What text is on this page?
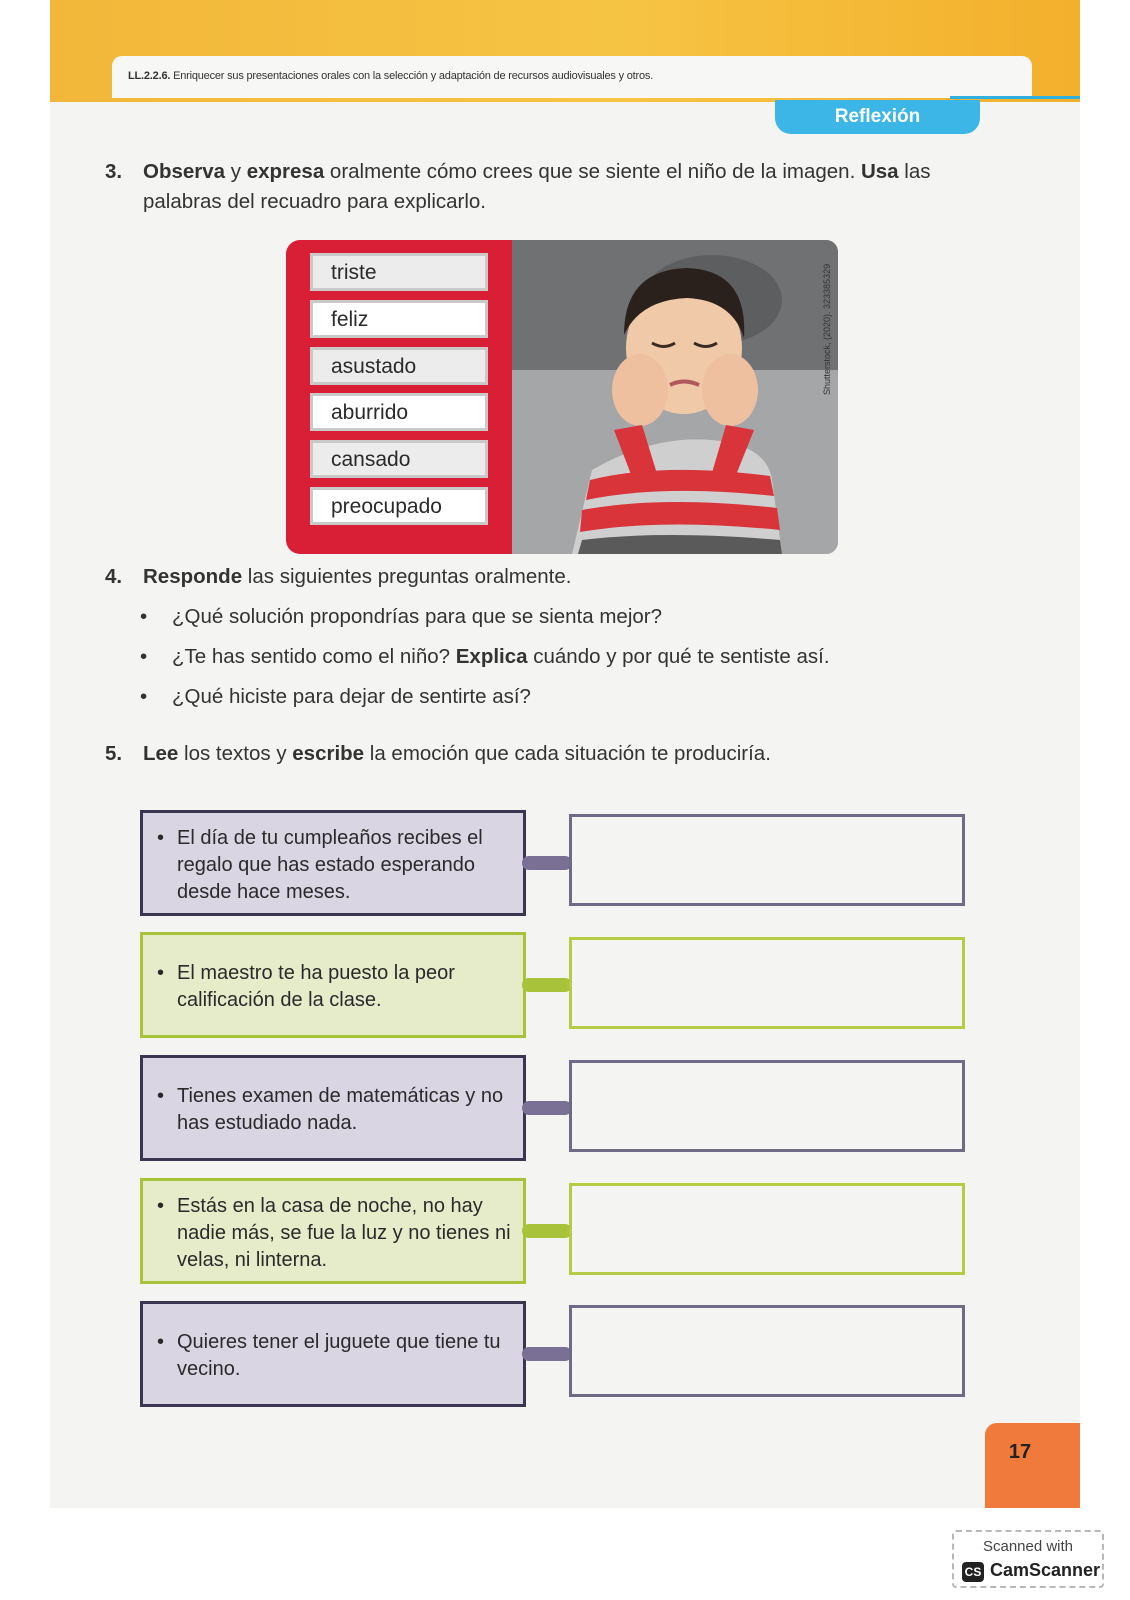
LL.2.2.6. Enriquecer sus presentaciones orales con la selección y adaptación de recursos audiovisuales y otros.
Reflexión
3. Observa y expresa oralmente cómo crees que se siente el niño de la imagen. Usa las
palabras del recuadro para explicarlo.
triste
feliz
asustado
aburrido
cansado
preocupado
Shutterstock, (2020). 323385329
4. Responde las siguientes preguntas oralmente.
• ¿Qué solución propondrías para que se sienta mejor?
• ¿Te has sentido como el niño? Explica cuándo y por qué te sentiste así.
• ¿Qué hiciste para dejar de sentirte así?
5. Lee los textos y escribe la emoción que cada situación te produciría.
• El día de tu cumpleaños recibes el regalo que has estado esperando desde hace meses.
• El maestro te ha puesto la peor calificación de la clase.
• Tienes examen de matemáticas y no has estudiado nada.
• Estás en la casa de noche, no hay nadie más, se fue la luz y no tienes ni velas, ni linterna.
• Quieres tener el juguete que tiene tu vecino.
17
Scanned with
CS CamScanner
